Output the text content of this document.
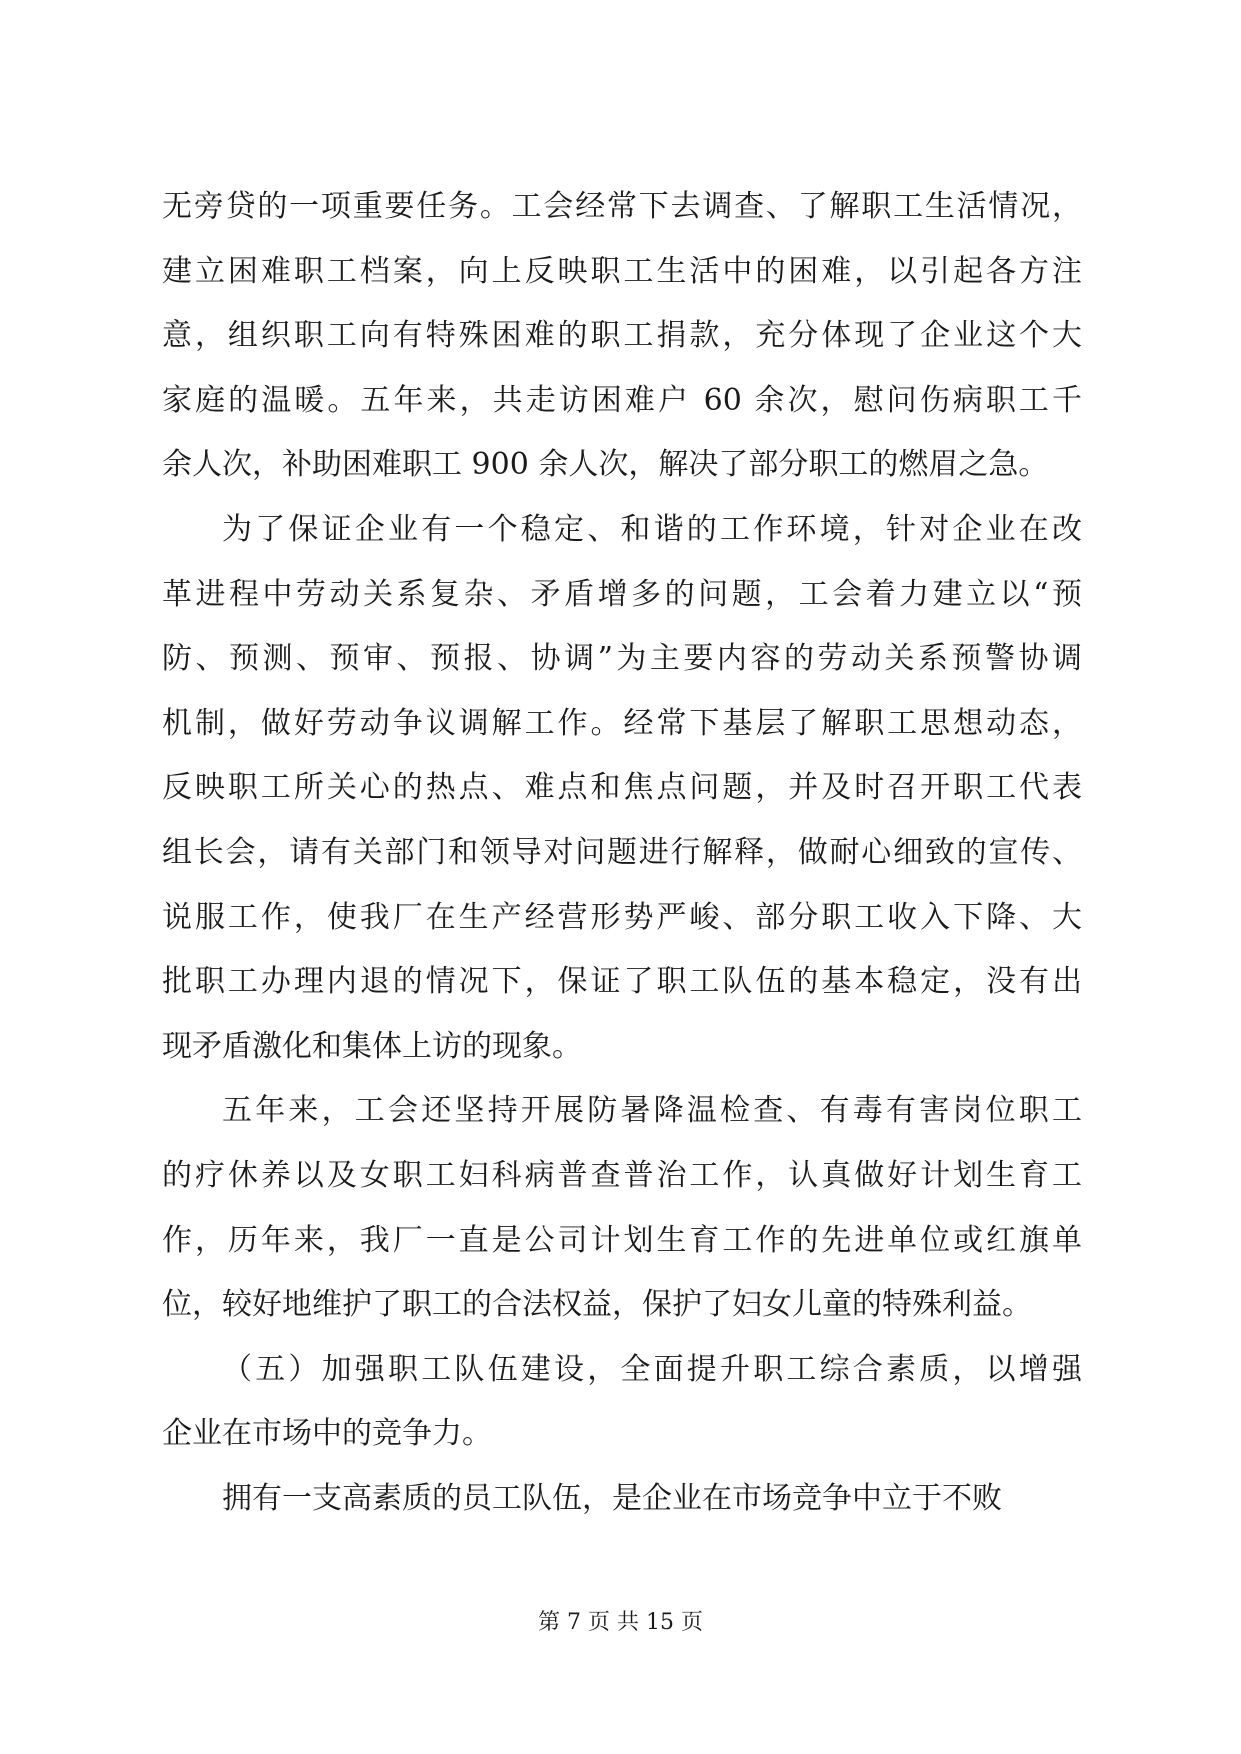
无旁贷的一项重要任务。工会经常下去调查、了解职工生活情况，
建立困难职工档案，向上反映职工生活中的困难，以引起各方注
意，组织职工向有特殊困难的职工捐款，充分体现了企业这个大
家庭的温暖。五年来，共走访困难户 60 余次，慰问伤病职工千
余人次，补助困难职工 900 余人次，解决了部分职工的燃眉之急。
为了保证企业有一个稳定、和谐的工作环境，针对企业在改
革进程中劳动关系复杂、矛盾增多的问题，工会着力建立以“预
防、预测、预审、预报、协调”为主要内容的劳动关系预警协调
机制，做好劳动争议调解工作。经常下基层了解职工思想动态，
反映职工所关心的热点、难点和焦点问题，并及时召开职工代表
组长会，请有关部门和领导对问题进行解释，做耐心细致的宣传、
说服工作，使我厂在生产经营形势严峻、部分职工收入下降、大
批职工办理内退的情况下，保证了职工队伍的基本稳定，没有出
现矛盾激化和集体上访的现象。
五年来，工会还坚持开展防暑降温检查、有毒有害岗位职工
的疗休养以及女职工妇科病普查普治工作，认真做好计划生育工
作，历年来，我厂一直是公司计划生育工作的先进单位或红旗单
位，较好地维护了职工的合法权益，保护了妇女儿童的特殊利益。
（五）加强职工队伍建设，全面提升职工综合素质，以增强
企业在市场中的竞争力。
拥有一支高素质的员工队伍，是企业在市场竞争中立于不败
第 7 页 共 15 页
